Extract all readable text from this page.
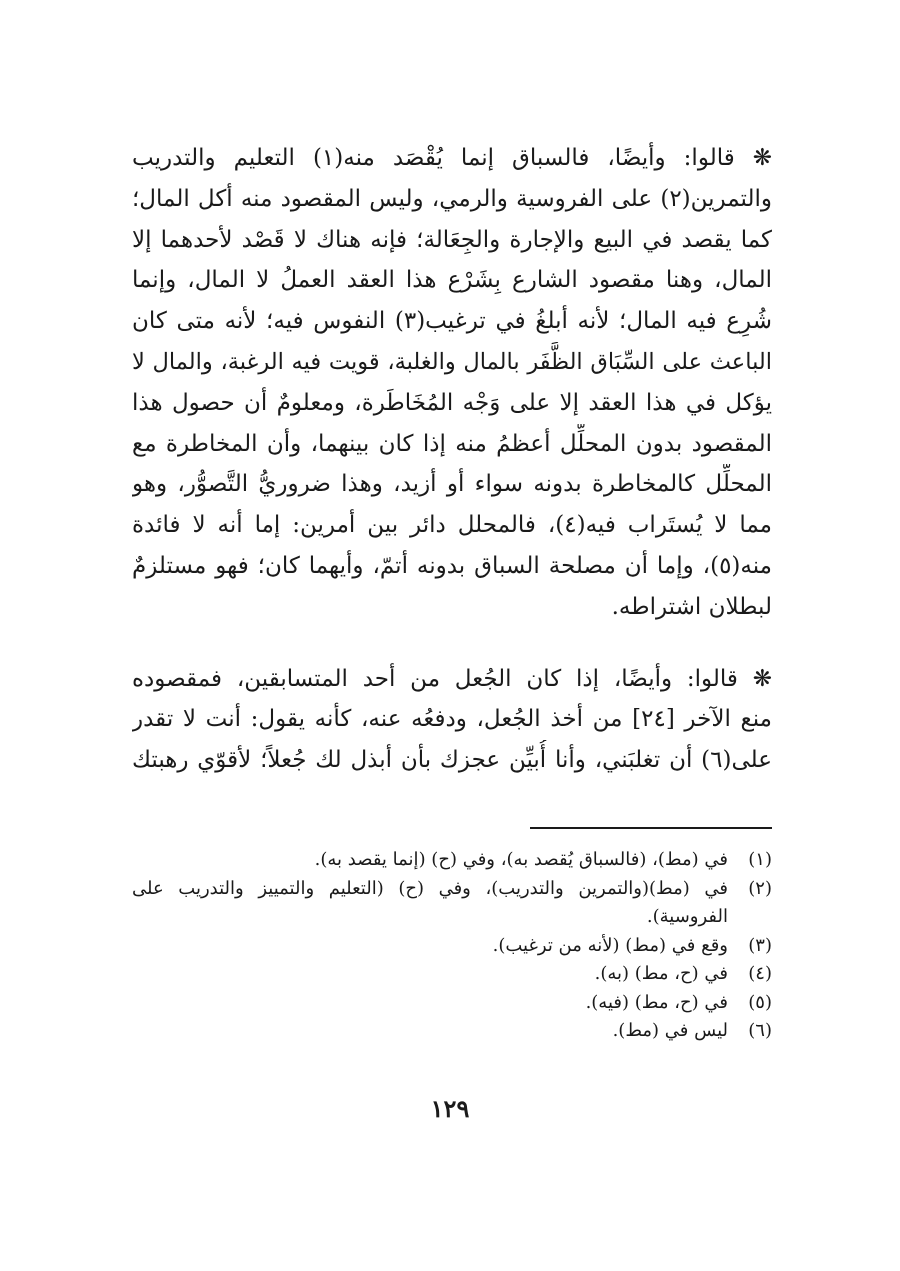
❋ قالوا: وأيضًا، فالسباق إنما يُقْصَد منه(١) التعليم والتدريب
والتمرين(٢) على الفروسية والرمي، وليس المقصود منه أكل المال؛
كما يقصد في البيع والإجارة والجِعَالة؛ فإنه هناك لا قَصْد لأحدهما إلا
المال، وهنا مقصود الشارع بِشَرْع هذا العقد العملُ لا المال، وإنما
شُرِع فيه المال؛ لأنه أبلغُ في ترغيب(٣) النفوس فيه؛ لأنه متى كان
الباعث على السِّبَاق الظَّفَر بالمال والغلبة، قويت فيه الرغبة، والمال لا
يؤكل في هذا العقد إلا على وَجْه المُخَاطَرة، ومعلومٌ أن حصول هذا
المقصود بدون المحلِّل أعظمُ منه إذا كان بينهما، وأن المخاطرة مع
المحلِّل كالمخاطرة بدونه سواء أو أزيد، وهذا ضروريُّ التَّصوُّر، وهو
مما لا يُستَراب فيه(٤)، فالمحلل دائر بين أمرين: إما أنه لا فائدة
منه(٥)، وإما أن مصلحة السباق بدونه أتمّ، وأيهما كان؛ فهو مستلزمٌ
لبطلان اشتراطه.
❋ قالوا: وأيضًا، إذا كان الجُعل من أحد المتسابقين، فمقصوده
منع الآخر [٢٤] من أخذ الجُعل، ودفعُه عنه، كأنه يقول: أنت لا تقدر
على(٦) أن تغلبَني، وأنا أُبيِّن عجزك بأن أبذل لك جُعلاً؛ لأقوّي رهبتك
(١)
في (مط)، (فالسباق يُقصد به)، وفي (ح) (إنما يقصد به).
(٢)
في (مط)(والتمرين والتدريب)، وفي (ح) (التعليم والتمييز والتدريب على
الفروسية).
(٣)
وقع في (مط) (لأنه من ترغيب).
(٤)
في (ح، مط) (به).
(٥)
في (ح، مط) (فيه).
(٦)
ليس في (مط).
١٢٩
